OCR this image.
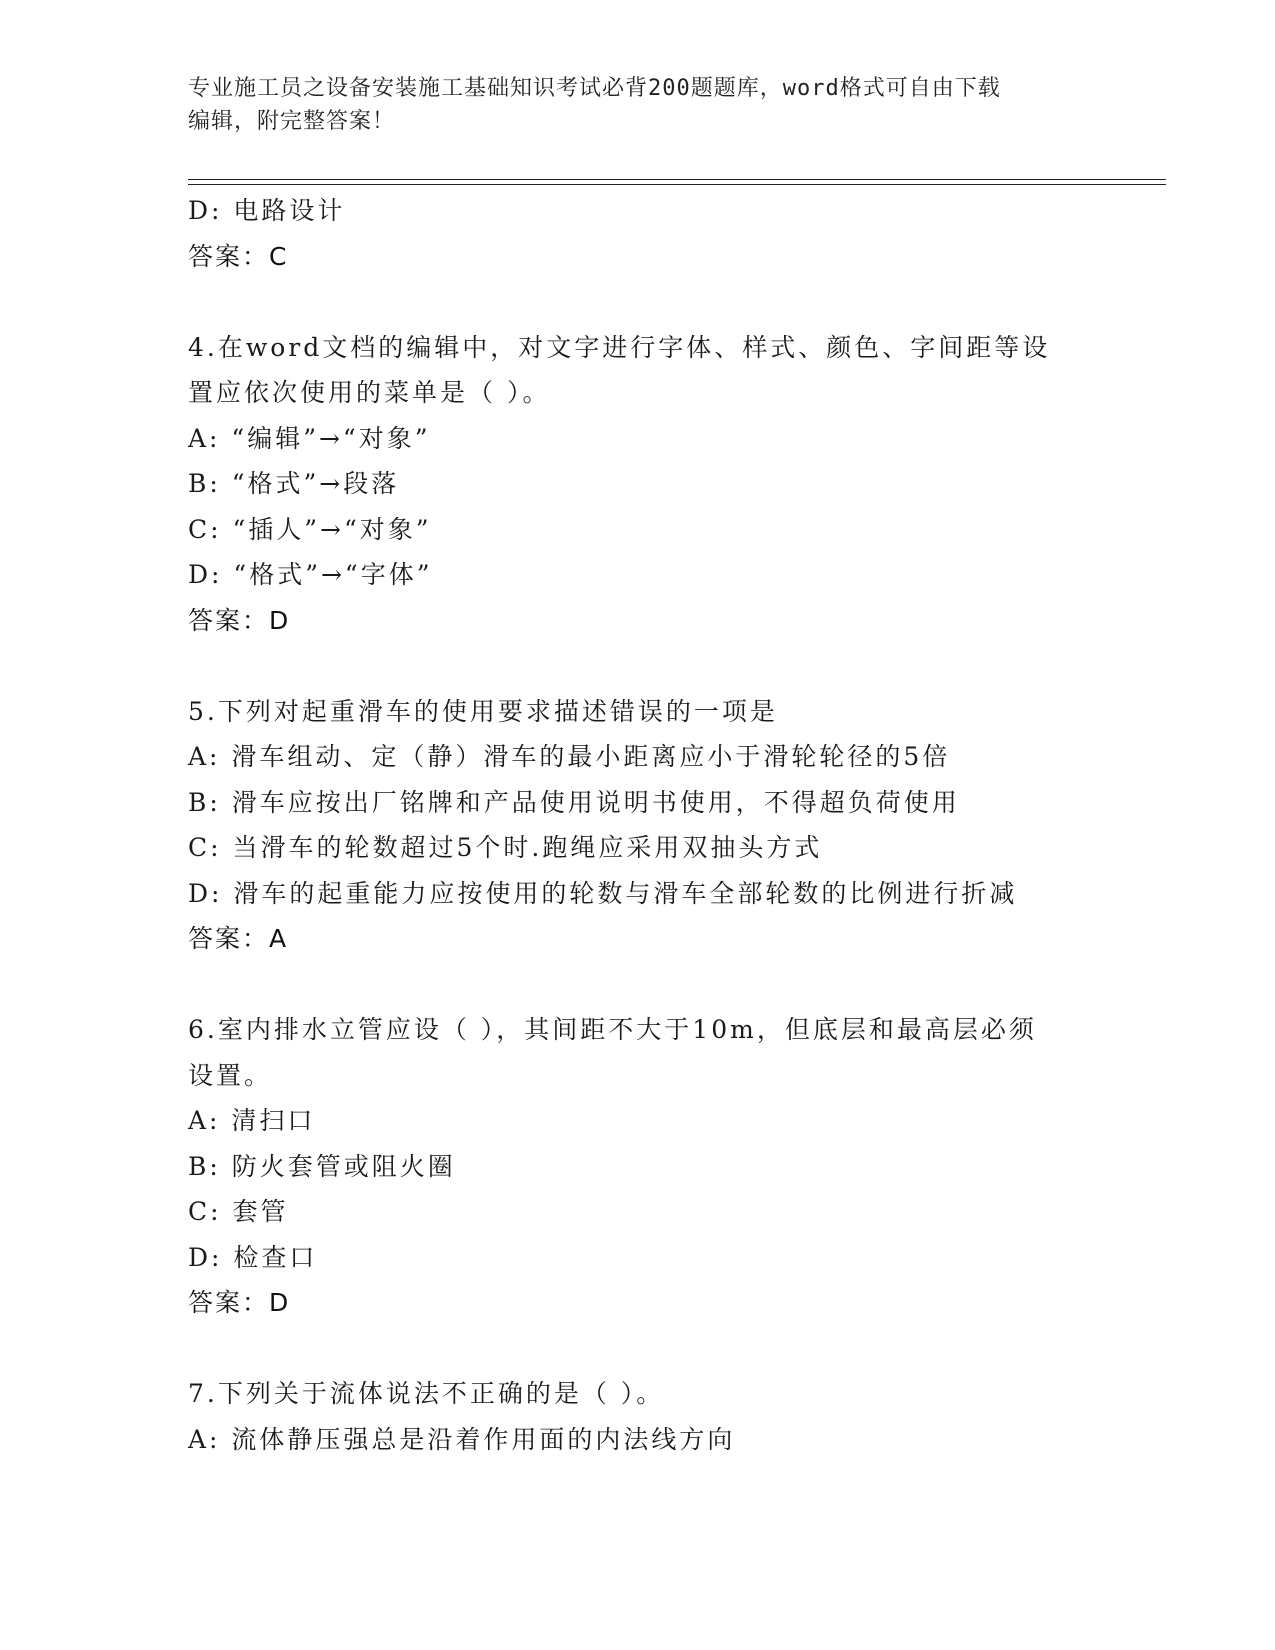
专业施工员之设备安装施工基础知识考试必背200题题库，word格式可自由下载
编辑，附完整答案！
D: 电路设计
答案：C
4.在word文档的编辑中，对文字进行字体、样式、颜色、字间距等设
置应依次使用的菜单是（ ）。
A: “编辑”→“对象”
B: “格式”→段落
C: “插人”→“对象”
D: “格式”→“字体”
答案：D
5.下列对起重滑车的使用要求描述错误的一项是
A: 滑车组动、定（静）滑车的最小距离应小于滑轮轮径的5倍
B: 滑车应按出厂铭牌和产品使用说明书使用，不得超负荷使用
C: 当滑车的轮数超过5个时.跑绳应采用双抽头方式
D: 滑车的起重能力应按使用的轮数与滑车全部轮数的比例进行折减
答案：A
6.室内排水立管应设（ ），其间距不大于10m，但底层和最高层必须
设置。
A: 清扫口
B: 防火套管或阻火圈
C: 套管
D: 检查口
答案：D
7.下列关于流体说法不正确的是（ ）。
A: 流体静压强总是沿着作用面的内法线方向
